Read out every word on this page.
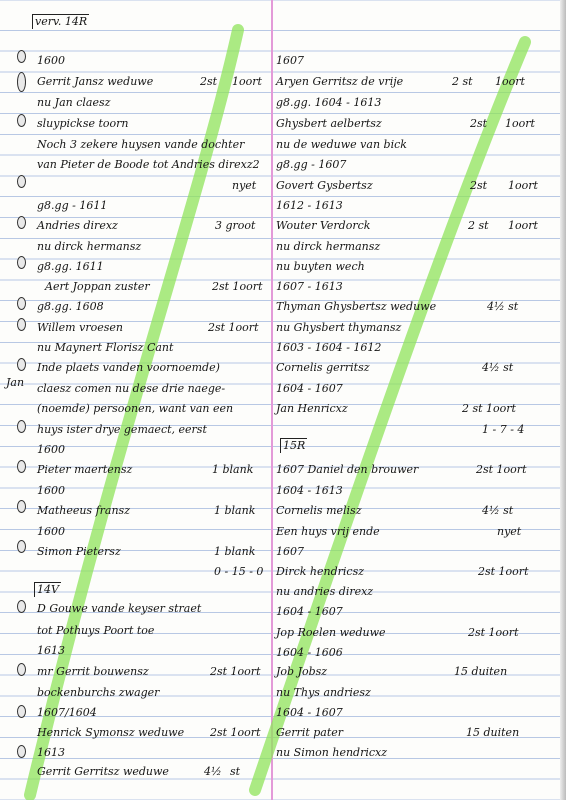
verv. 14R
Jan
1600
Gerrit Jansz weduwe	2st 1oort
nu Jan claesz
sluypickse toorn
Noch 3 zekere huysen vande dochter
van Pieter de Boode tot Andries direxz2
nyet
g8.gg - 1611
Andries direxz	3 groot
nu dirck hermansz
g8.gg. 1611
Aert Joppan zuster	2st 1oort
g8.gg. 1608
Willem vroesen	2st 1oort
nu Maynert Florisz Cant
Inde plaets vanden voornoemde)
claesz comen nu dese drie naege-
(noemde) persoonen, want van een
huys ister drye gemaect, eerst
1600
Pieter maertensz	1 blank
1600
Matheeus fransz	1 blank
1600
Simon Pietersz	1 blank
0 - 15 - 0
14V
D Gouwe vande keyser straet
tot Pothuys Poort toe
1613
mr Gerrit bouwensz	2st 1oort
bockenburchs zwager
1607/1604
Henrick Symonsz weduwe 2st 1oort
1613
Gerrit Gerritsz weduwe	4½ st
1607
Aryen Gerritsz de vrije	2 st 1oort
g8.gg. 1604 - 1613
Ghysbert aelbertsz	2st 1oort
nu de weduwe van bick
g8.gg - 1607
Govert Gysbertsz	2st 1oort
1612 - 1613
Wouter Verdorck	2 st 1oort
nu dirck hermansz
nu buyten wech
1607 - 1613
Thyman Ghysbertsz weduwe	4½ st
nu Ghysbert thymansz
1603 - 1604 - 1612
Cornelis gerritsz	4½ st
1604 - 1607
Jan Henricxz	2 st 1oort
1 - 7 - 4
15R
1607 Daniel den brouwer	2st 1oort
1604 - 1613
Cornelis melisz	4½ st
Een huys vrij ende	nyet
1607
Dirck hendricsz	2st 1oort
nu andries direxz
1604 - 1607
Jop Roelen weduwe	2st 1oort
1604 - 1606
Job Jobsz	15 duiten
nu Thys andriesz
1604 - 1607
Gerrit pater	15 duiten
nu Simon hendricxz
